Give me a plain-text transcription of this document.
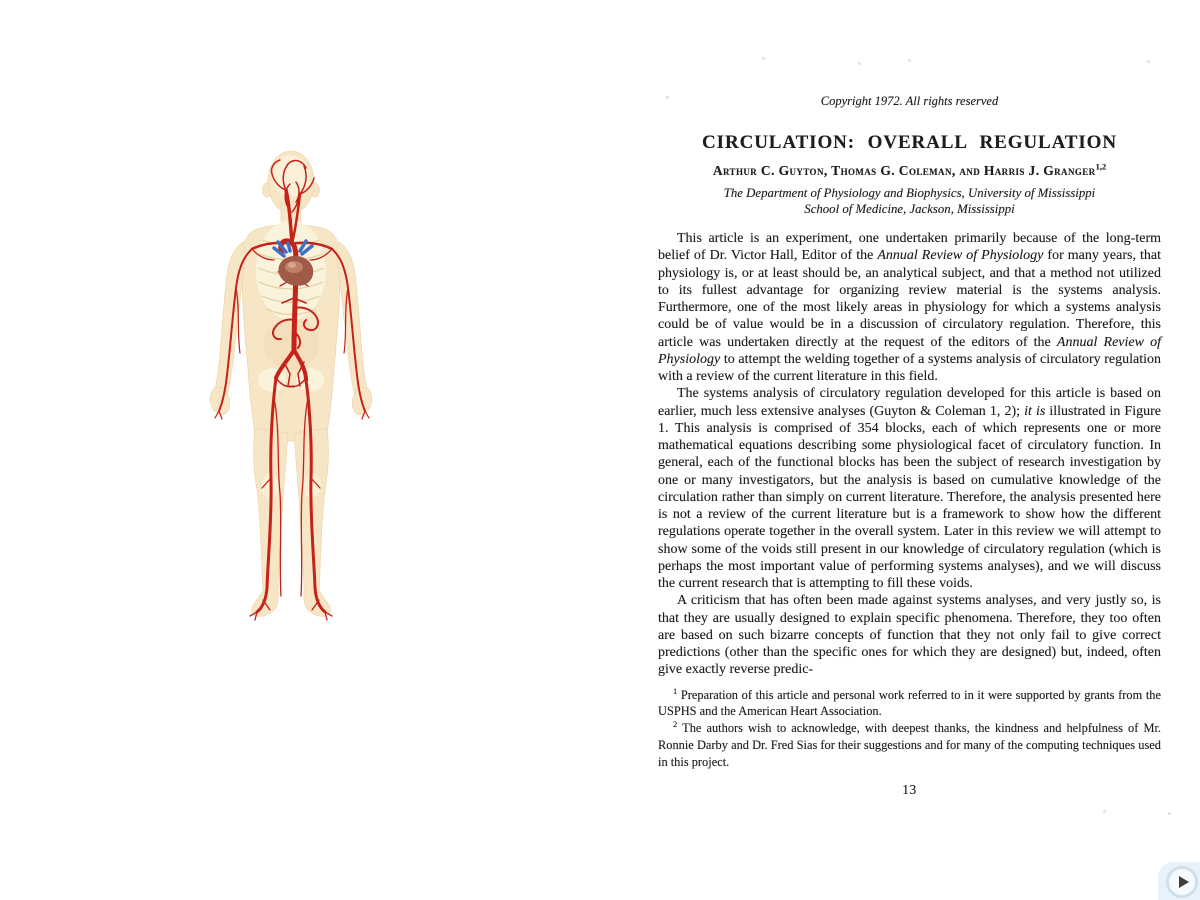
Copyright 1972. All rights reserved
CIRCULATION: OVERALL REGULATION
Arthur C. Guyton, Thomas G. Coleman, and Harris J. Granger$^{1,2}$
The Department of Physiology and Biophysics, University of Mississippi
School of Medicine, Jackson, Mississippi

This article is an experiment, one undertaken primarily because of the long-term belief of Dr. Victor Hall, Editor of the Annual Review of Physiology for many years, that physiology is, or at least should be, an analytical subject, and that a method not utilized to its fullest advantage for organizing review material is the systems analysis. Furthermore, one of the most likely areas in physiology for which a systems analysis could be of value would be in a discussion of circulatory regulation. Therefore, this article was undertaken directly at the request of the editors of the Annual Review of Physiology to attempt the welding together of a systems analysis of circulatory regulation with a review of the current literature in this field.

The systems analysis of circulatory regulation developed for this article is based on earlier, much less extensive analyses (Guyton & Coleman 1, 2); it is illustrated in Figure 1. This analysis is comprised of 354 blocks, each of which represents one or more mathematical equations describing some physiological facet of circulatory function. In general, each of the functional blocks has been the subject of research investigation by one or many investigators, but the analysis is based on cumulative knowledge of the circulation rather than simply on current literature. Therefore, the analysis presented here is not a review of the current literature but is a framework to show how the different regulations operate together in the overall system. Later in this review we will attempt to show some of the voids still present in our knowledge of circulatory regulation (which is perhaps the most important value of performing systems analyses), and we will discuss the current research that is attempting to fill these voids.

A criticism that has often been made against systems analyses, and very justly so, is that they are usually designed to explain specific phenomena. Therefore, they too often are based on such bizarre concepts of function that they not only fail to give correct predictions (other than the specific ones for which they are designed) but, indeed, often give exactly reverse predic-

$^1$ Preparation of this article and personal work referred to in it were supported by grants from the USPHS and the American Heart Association.

$^2$ The authors wish to acknowledge, with deepest thanks, the kindness and helpfulness of Mr. Ronnie Darby and Dr. Fred Sias for their suggestions and for many of the computing techniques used in this project.

13
